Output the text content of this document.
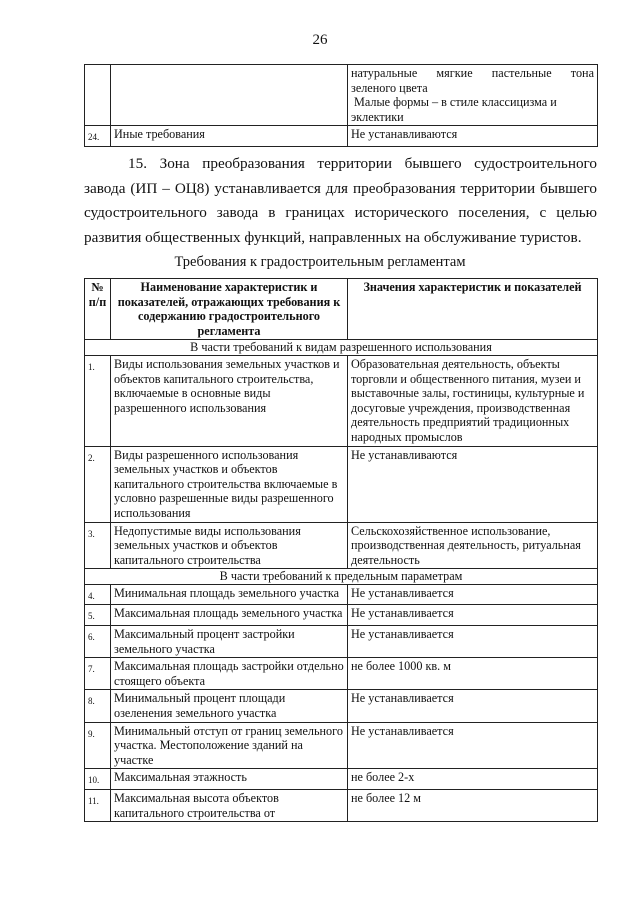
26

		натуральные мягкие пастельные тона
зеленого цвета
Малые формы – в стиле классицизма и
эклектики

24.	Иные требования	Не устанавливаются

15. Зона преобразования территории бывшего судостроительного завода (ИП – ОЦ8) устанавливается для преобразования территории бывшего судостроительного завода в границах исторического поселения, с целью развития общественных функций, направленных на обслуживание туристов.

Требования к градостроительным регламентам
№ п/п	Наименование характеристик и показателей, отражающих требования к содержанию градостроительного регламента	Значения характеристик и показателей
В части требований к видам разрешенного использования		
1.	Виды использования земельных участков и объектов капитального строительства, включаемые в основные виды разрешенного использования	Образовательная деятельность, объекты торговли и общественного питания, музеи и выставочные залы, гостиницы, культурные и досуговые учреждения, производственная деятельность предприятий традиционных народных промыслов
2.	Виды разрешенного использования земельных участков и объектов капитального строительства включаемые в условно разрешенные виды разрешенного использования	Не устанавливаются
3.	Недопустимые виды использования земельных участков и объектов капитального строительства	Сельскохозяйственное использование, производственная деятельность, ритуальная деятельность
В части требований к предельным параметрам		
4.	Минимальная площадь земельного участка	Не устанавливается
5.	Максимальная площадь земельного участка	Не устанавливается
6.	Максимальный процент застройки земельного участка	Не устанавливается
7.	Максимальная площадь застройки отдельно стоящего объекта	не более 1000 кв. м
8.	Минимальный процент площади озеленения земельного участка	Не устанавливается
9.	Минимальный отступ от границ земельного участка. Местоположение зданий на участке	Не устанавливается
10.	Максимальная этажность	не более 2-х
11.	Максимальная высота объектов капитального строительства от	не более 12 м
